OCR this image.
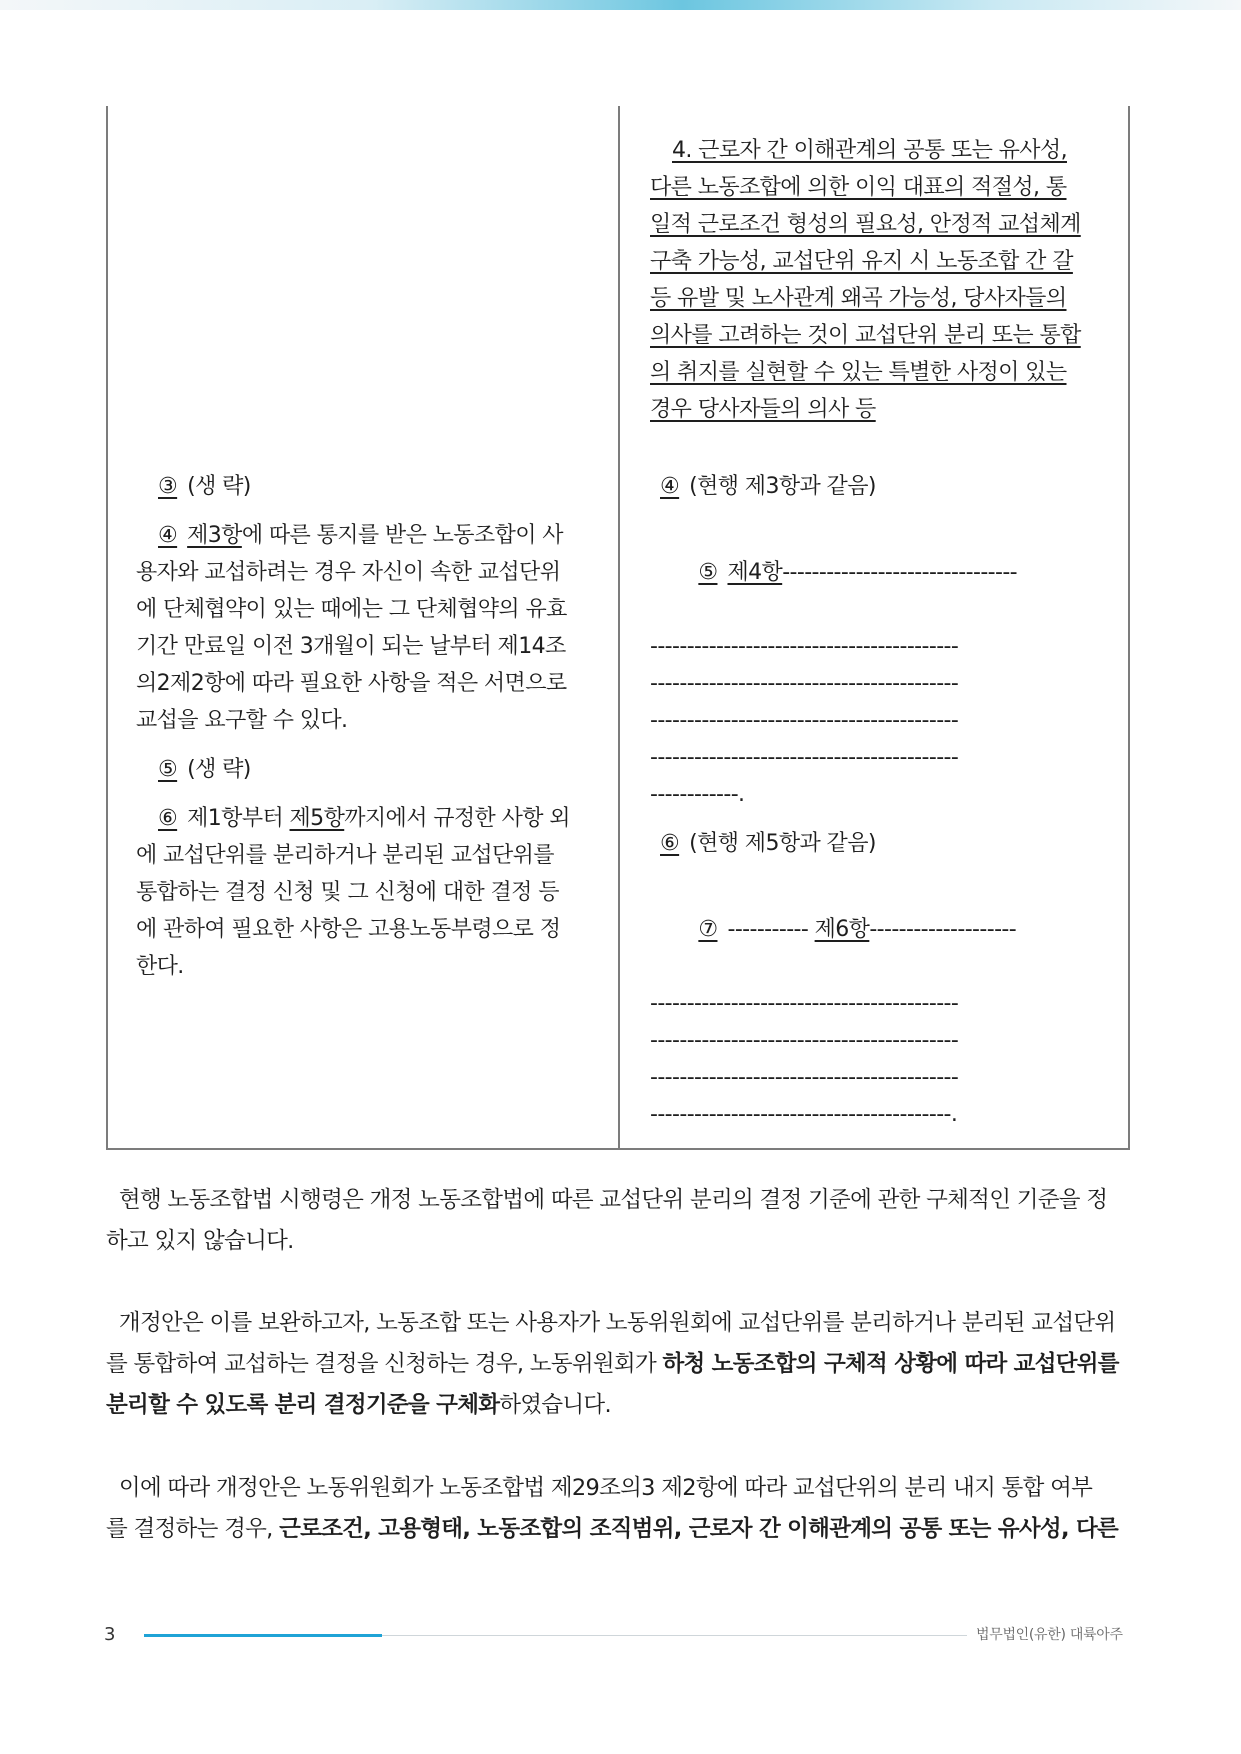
4. 근로자 간 이해관계의 공통 또는 유사성,

다른 노동조합에 의한 이익 대표의 적절성, 통

일적 근로조건 형성의 필요성, 안정적 교섭체계

구축 가능성, 교섭단위 유지 시 노동조합 간 갈

등 유발 및 노사관계 왜곡 가능성, 당사자들의

의사를 고려하는 것이 교섭단위 분리 또는 통합

의 취지를 실현할 수 있는 특별한 사정이 있는

경우 당사자들의 의사 등

③ (생 략)

④ 제3항에 따른 통지를 받은 노동조합이 사

용자와 교섭하려는 경우 자신이 속한 교섭단위

에 단체협약이 있는 때에는 그 단체협약의 유효

기간 만료일 이전 3개월이 되는 날부터 제14조

의2제2항에 따라 필요한 사항을 적은 서면으로

교섭을 요구할 수 있다.

⑤ (생 략)

⑥ 제1항부터 제5항까지에서 규정한 사항 외

에 교섭단위를 분리하거나 분리된 교섭단위를

통합하는 결정 신청 및 그 신청에 대한 결정 등

에 관하여 필요한 사항은 고용노동부령으로 정

한다.

④ (현행 제3항과 같음)

⑤ 제4항--------------------------------

------------------------------------------

------------------------------------------

------------------------------------------

------------------------------------------

------------.

⑥ (현행 제5항과 같음)

⑦ ----------- 제6항--------------------

------------------------------------------

------------------------------------------

------------------------------------------

-----------------------------------------.

현행 노동조합법 시행령은 개정 노동조합법에 따른 교섭단위 분리의 결정 기준에 관한 구체적인 기준을 정

하고 있지 않습니다.

개정안은 이를 보완하고자, 노동조합 또는 사용자가 노동위원회에 교섭단위를 분리하거나 분리된 교섭단위

를 통합하여 교섭하는 결정을 신청하는 경우, 노동위원회가 하청 노동조합의 구체적 상황에 따라 교섭단위를

분리할 수 있도록 분리 결정기준을 구체화하였습니다.

이에 따라 개정안은 노동위원회가 노동조합법 제29조의3 제2항에 따라 교섭단위의 분리 내지 통합 여부

를 결정하는 경우, 근로조건, 고용형태, 노동조합의 조직범위, 근로자 간 이해관계의 공통 또는 유사성, 다른

3	법무법인(유한) 대륙아주
